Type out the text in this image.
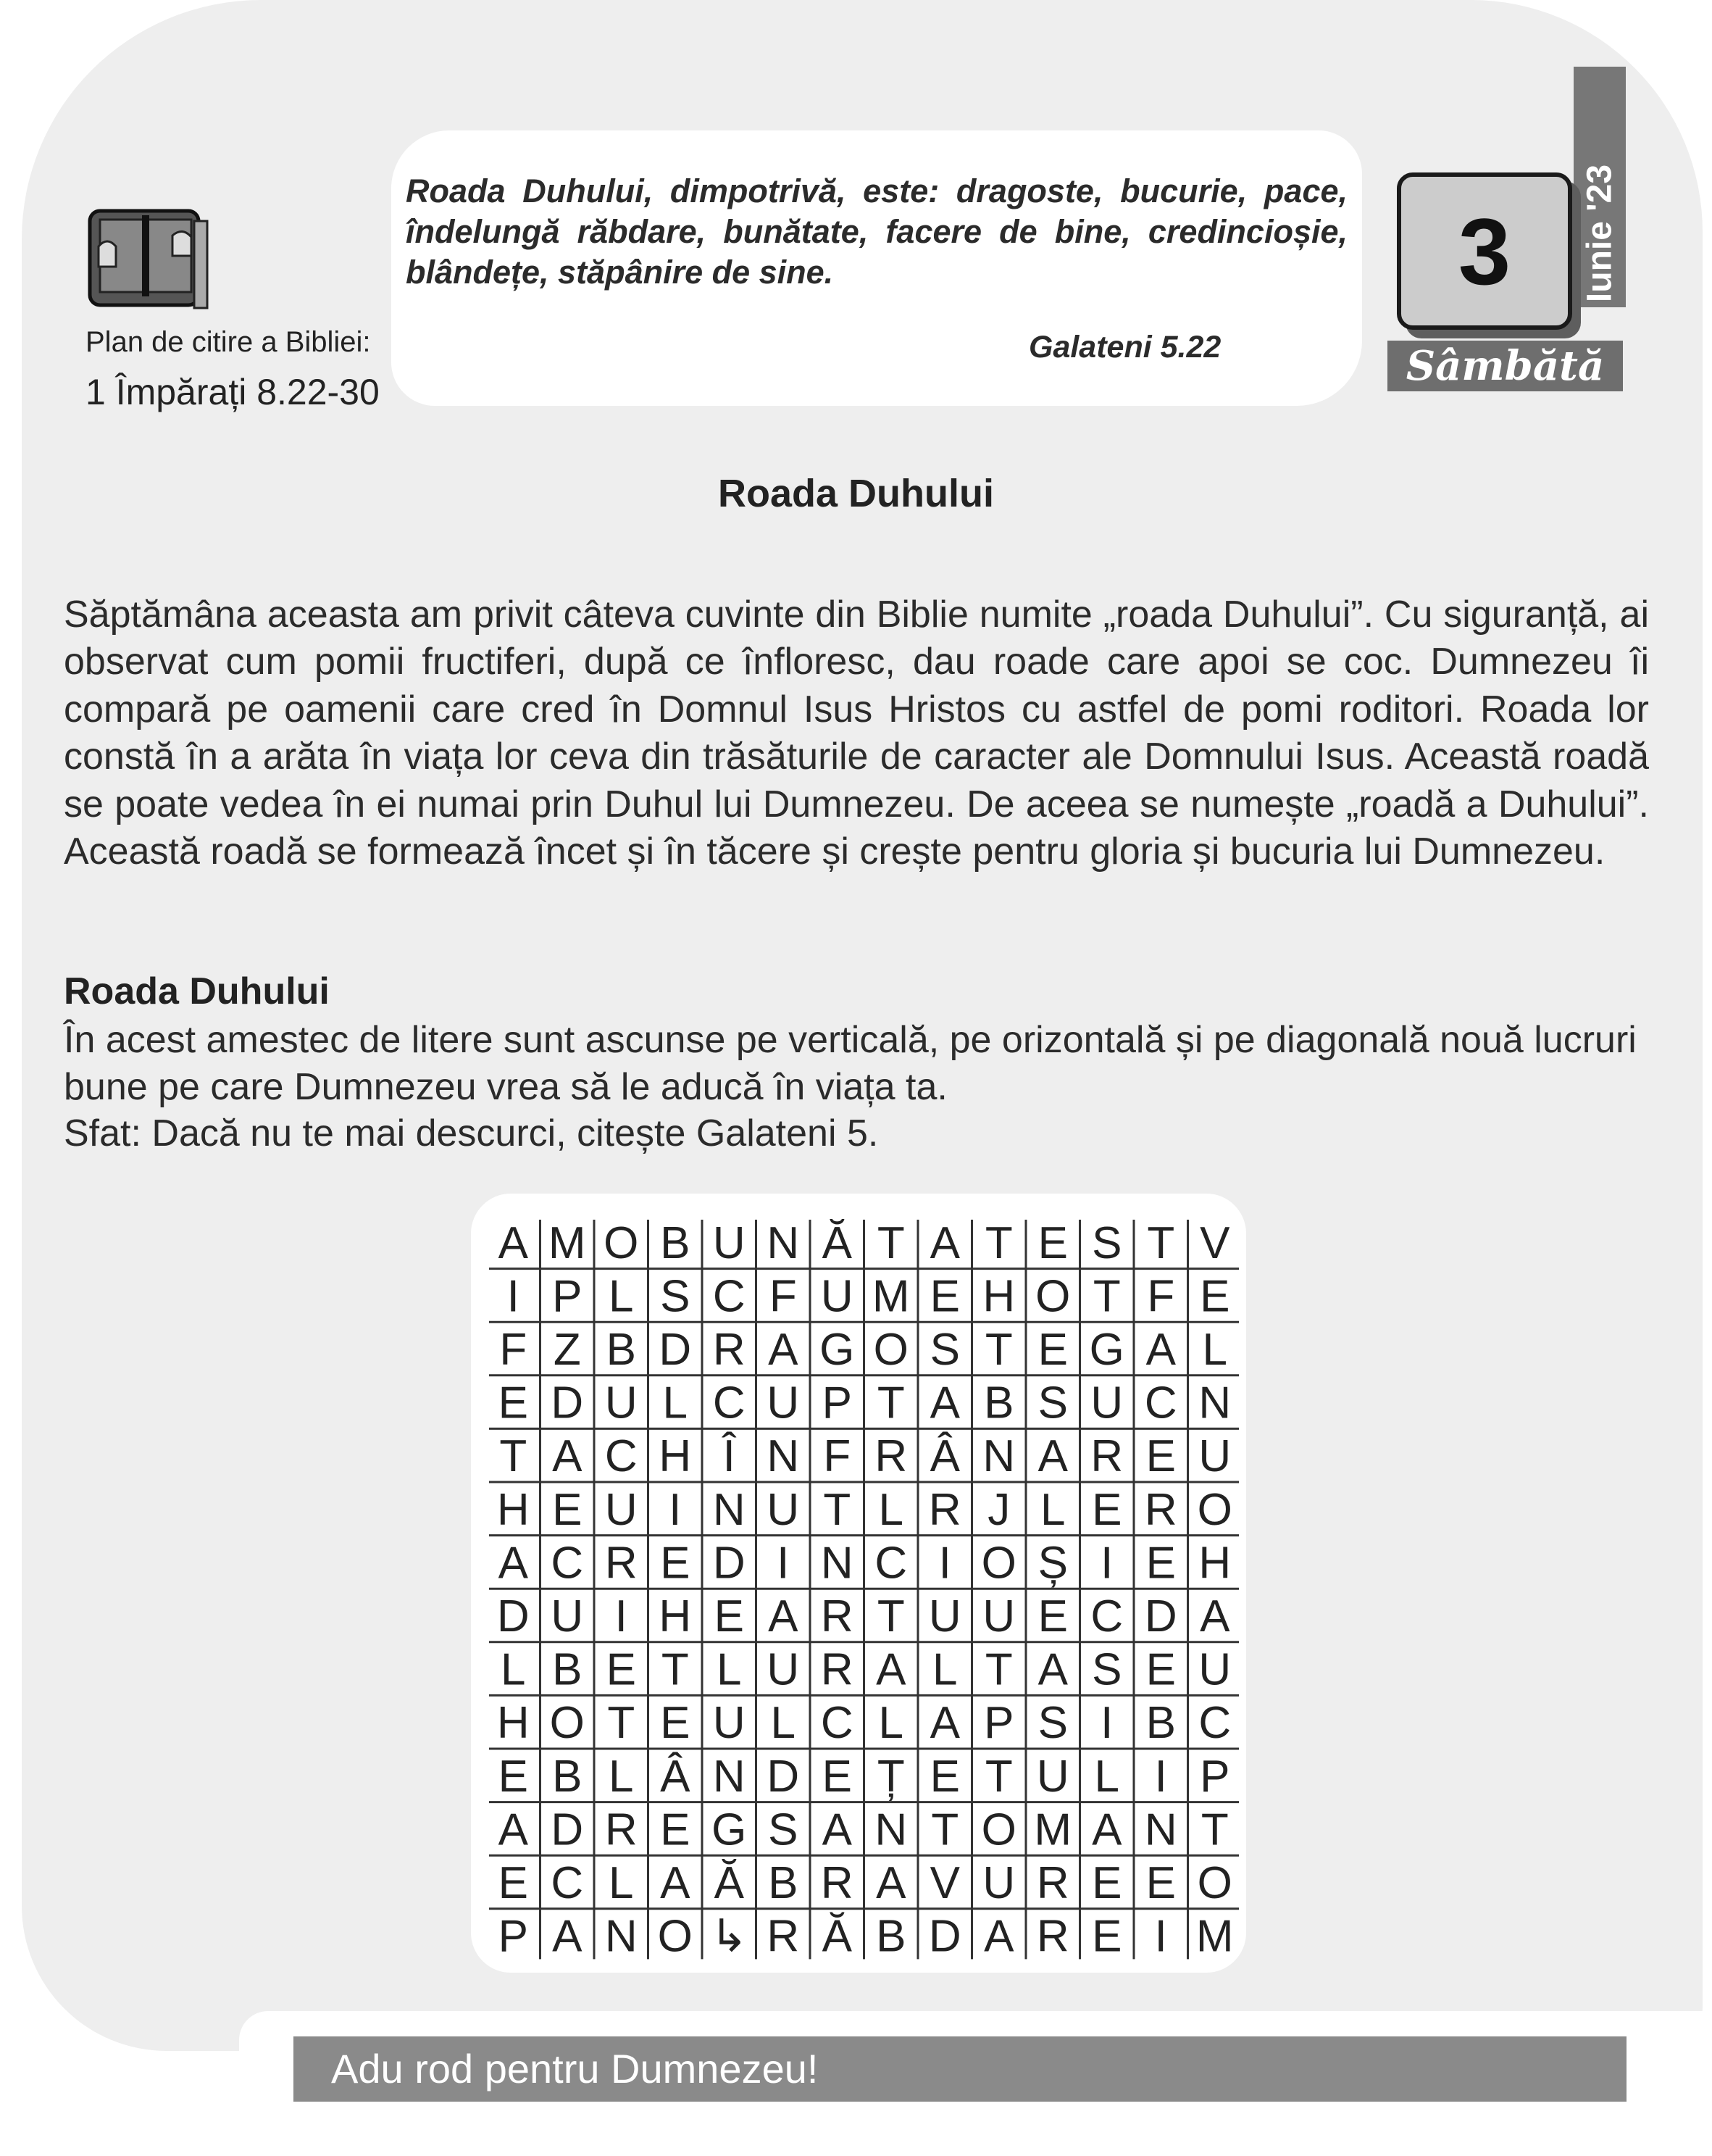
Plan de citire a Bibliei:
1 Împărați 8.22-30

Roada Duhului, dimpotrivă, este: dragoste, bucurie, pace, îndelungă răbdare, bunătate, facere de bine, credincioșie, blândețe, stăpânire de sine.

Galateni 5.22
Iunie '23
3
Sâmbătă
Roada Duhului

Săptămâna aceasta am privit câteva cuvinte din Biblie numite „roada Duhului”. Cu siguranță, ai observat cum pomii fructiferi, după ce înfloresc, dau roade care apoi se coc. Dumnezeu îi compară pe oamenii care cred în Domnul Isus Hristos cu astfel de pomi roditori. Roada lor constă în a arăta în viața lor ceva din trăsăturile de caracter ale Domnului Isus. Această roadă se poate vedea în ei numai prin Duhul lui Dumnezeu. De aceea se numește „roadă a Duhului”. Această roadă se formează încet și în tăcere și crește pentru gloria și bucuria lui Dumnezeu.

Roada Duhului

În acest amestec de litere sunt ascunse pe verticală, pe orizontală și pe diagonală nouă lucruri bune pe care Dumnezeu vrea să le aducă în viața ta.

Sfat: Dacă nu te mai descurci, citește Galateni 5.
A M O B U N Ă T A T E S T V
I P L S C F U M E H O T F E
F Z B D R A G O S T E G A L
E D U L C U P T A B S U C N
T A C H Î N F R Â N A R E U
H E U I N U T L R J L E R O
A C R E D I N C I O Ș I E H
D U I H E A R T U U E C D A
L B E T L U R A L T A S E U
H O T E U L C L A P S I B C
E B L Â N D E Ț E T U L I P
A D R E G S A N T O M A N T
E C L A Ă B R A V U R E E O
P A N O ↳ R Ă B D A R E I M
Adu rod pentru Dumnezeu!
